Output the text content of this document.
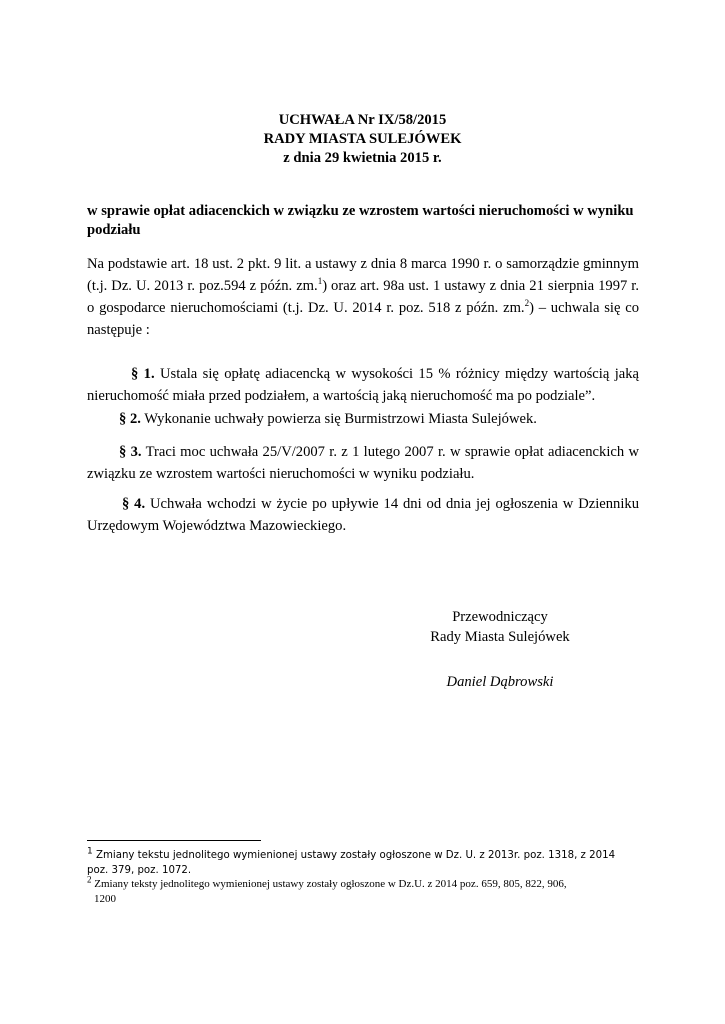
UCHWAŁA Nr IX/58/2015
RADY MIASTA SULEJÓWEK
z dnia 29 kwietnia 2015 r.
w sprawie opłat adiacenckich w związku ze wzrostem wartości nieruchomości w wyniku podziału
Na podstawie art. 18 ust. 2 pkt. 9 lit. a ustawy z dnia 8 marca 1990 r. o samorządzie gminnym (t.j. Dz. U. 2013 r. poz.594 z późn. zm.$^1$) oraz art. 98a ust. 1 ustawy z dnia 21 sierpnia 1997 r. o gospodarce nieruchomościami (t.j. Dz. U. 2014 r. poz. 518 z późn. zm.$^2$) – uchwala się co następuje :
§ 1. Ustala się opłatę adiacencką w wysokości 15 % różnicy między wartością jaką nieruchomość miała przed podziałem, a wartością jaką nieruchomość ma po podziale”.
§ 2. Wykonanie uchwały powierza się Burmistrzowi Miasta Sulejówek.
§ 3. Traci moc uchwała 25/V/2007 r. z 1 lutego 2007 r. w sprawie opłat adiacenckich w związku ze wzrostem wartości nieruchomości w wyniku podziału.
§ 4. Uchwała wchodzi w życie po upływie 14 dni od dnia jej ogłoszenia w Dzienniku Urzędowym Województwa Mazowieckiego.
Przewodniczący
Rady Miasta Sulejówek
Daniel Dąbrowski
$^1$ Zmiany tekstu jednolitego wymienionej ustawy zostały ogłoszone w Dz. U. z 2013r. poz. 1318, z 2014 poz. 379, poz. 1072.
$^2$ Zmiany teksty jednolitego wymienionej ustawy zostały ogłoszone w Dz.U. z 2014 poz. 659, 805, 822, 906,
1200
